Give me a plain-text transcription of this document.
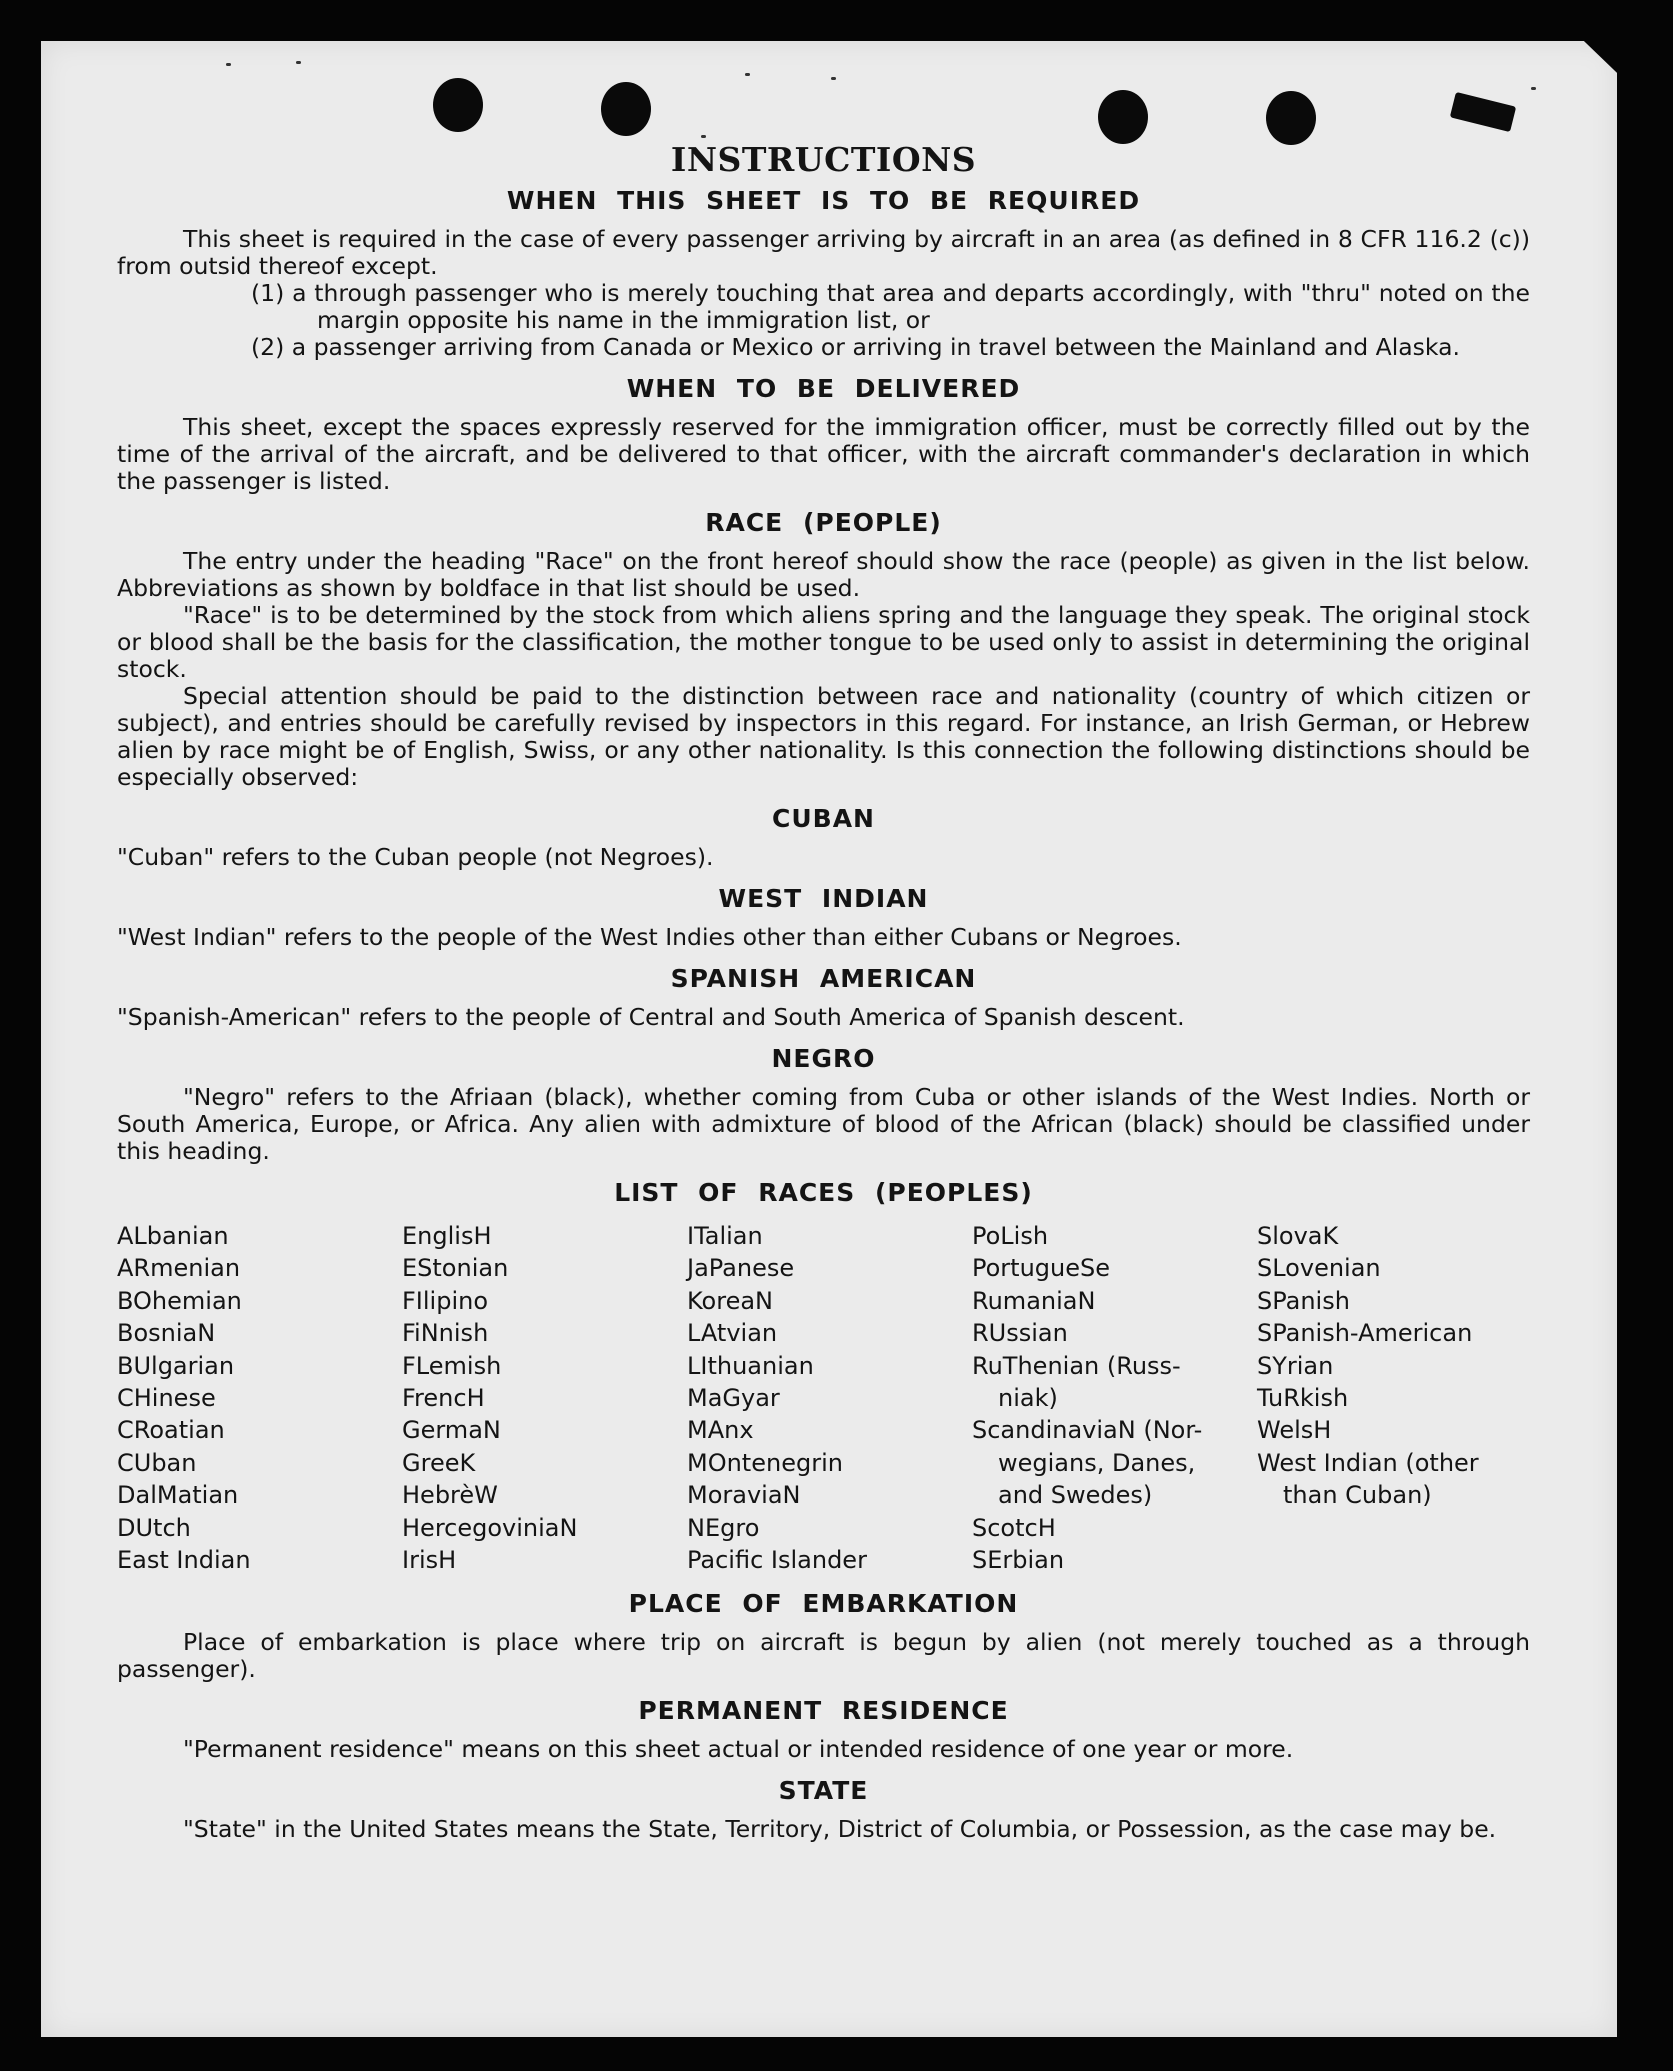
INSTRUCTIONS
WHEN THIS SHEET IS TO BE REQUIRED

This sheet is required in the case of every passenger arriving by aircraft in an area (as defined in 8 CFR 116.2 (c)) from outsid thereof except.

(1) a through passenger who is merely touching that area and departs accordingly, with "thru" noted on the margin opposite his name in the immigration list, or

(2) a passenger arriving from Canada or Mexico or arriving in travel between the Mainland and Alaska.

WHEN TO BE DELIVERED

This sheet, except the spaces expressly reserved for the immigration officer, must be correctly filled out by the time of the arrival of the aircraft, and be delivered to that officer, with the aircraft commander's declaration in which the passenger is listed.

RACE (PEOPLE)

The entry under the heading "Race" on the front hereof should show the race (people) as given in the list below. Abbreviations as shown by boldface in that list should be used.

"Race" is to be determined by the stock from which aliens spring and the language they speak. The original stock or blood shall be the basis for the classification, the mother tongue to be used only to assist in determining the original stock.

Special attention should be paid to the distinction between race and nationality (country of which citizen or subject), and entries should be carefully revised by inspectors in this regard. For instance, an Irish German, or Hebrew alien by race might be of English, Swiss, or any other nationality. Is this connection the following distinctions should be especially observed:

CUBAN

"Cuban" refers to the Cuban people (not Negroes).

WEST INDIAN

"West Indian" refers to the people of the West Indies other than either Cubans or Negroes.

SPANISH AMERICAN

"Spanish-American" refers to the people of Central and South America of Spanish descent.

NEGRO

"Negro" refers to the Afriaan (black), whether coming from Cuba or other islands of the West Indies. North or South America, Europe, or Africa. Any alien with admixture of blood of the African (black) should be classified under this heading.

LIST OF RACES (PEOPLES)
ALbanian
ARmenian
BOhemian
BosniaN
BUlgarian
CHinese
CRoatian
CUban
DalMatian
DUtch
East Indian
EnglisH
EStonian
FIlipino
FiNnish
FLemish
FrencH
GermaN
GreeK
HebrèW
HercegoviniaN
IrisH
ITalian
JaPanese
KoreaN
LAtvian
LIthuanian
MaGyar
MAnx
MOntenegrin
MoraviaN
NEgro
Pacific Islander
PoLish
PortugueSe
RumaniaN
RUssian
RuThenian (Russ-
niak)
ScandinaviaN (Nor-
wegians, Danes,
and Swedes)
ScotcH
SErbian
SlovaK
SLovenian
SPanish
SPanish-American
SYrian
TuRkish
WelsH
West Indian (other
than Cuban)
PLACE OF EMBARKATION

Place of embarkation is place where trip on aircraft is begun by alien (not merely touched as a through passenger).

PERMANENT RESIDENCE

"Permanent residence" means on this sheet actual or intended residence of one year or more.

STATE

"State" in the United States means the State, Territory, District of Columbia, or Possession, as the case may be.
